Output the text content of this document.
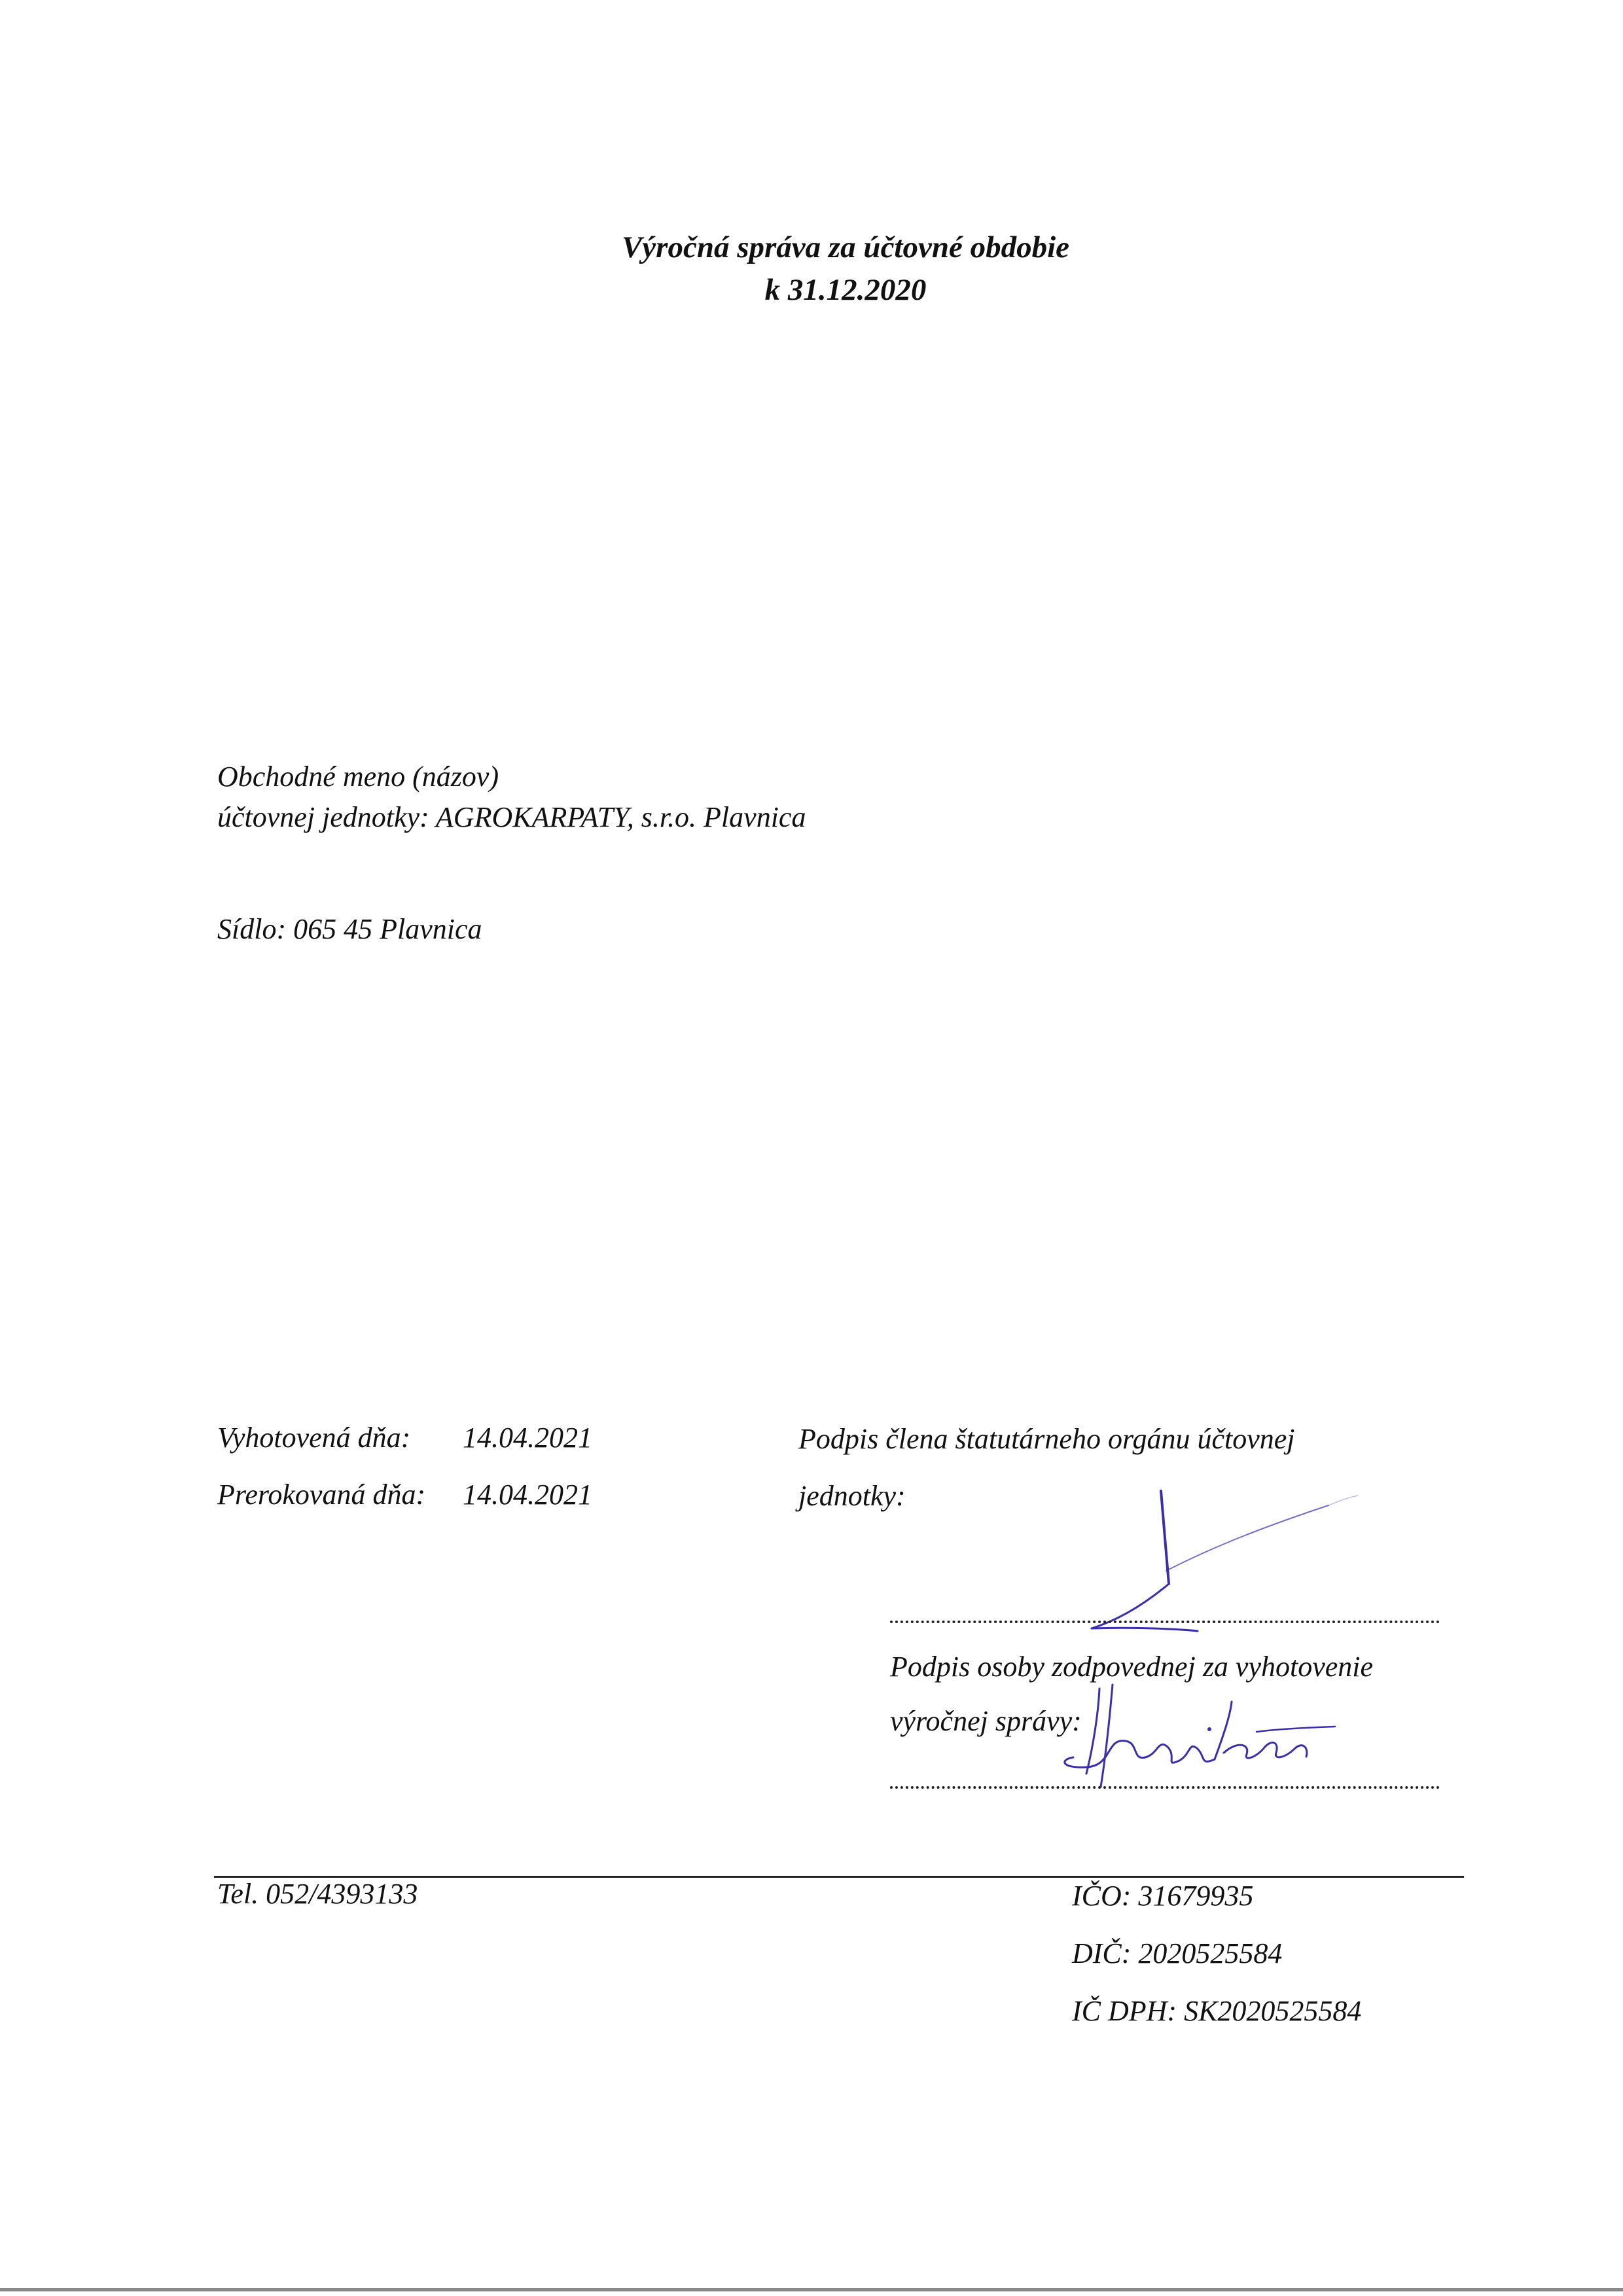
Výročná správa za účtovné obdobie
k 31.12.2020
Obchodné meno (názov)
účtovnej jednotky: AGROKARPATY, s.r.o. Plavnica
Sídlo: 065 45 Plavnica
Vyhotovená dňa: 14.04.2021
Prerokovaná dňa: 14.04.2021
Podpis člena štatutárneho orgánu účtovnej
jednotky:
Podpis osoby zodpovednej za vyhotovenie
výročnej správy:
Tel. 052/4393133	IČO: 31679935
DIČ: 2020525584
IČ DPH: SK2020525584
